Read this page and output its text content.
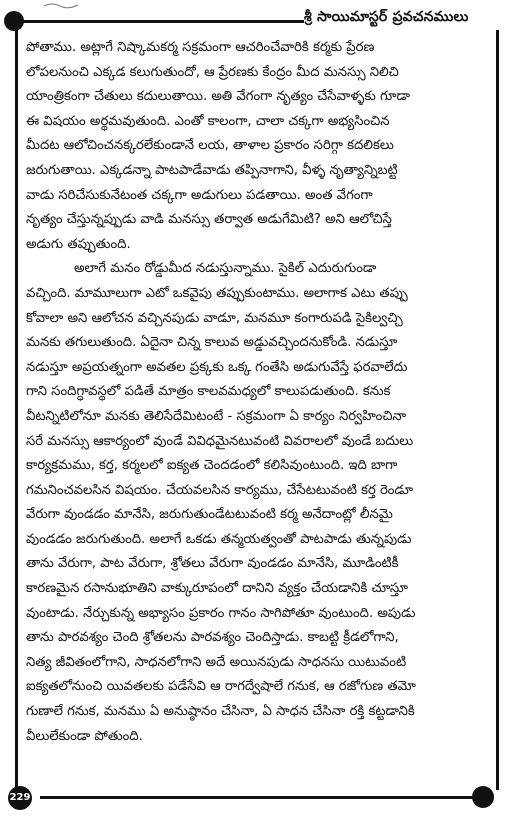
శ్రీ సాయిమాస్టర్ ప్రవచనములు
పోతాము. అట్లాగే నిష్కామకర్మ సక్రమంగా ఆచరించేవారికి కర్మకు ప్రేరణ
లోపలనుంచి ఎక్కడ కలుగుతుందో, ఆ ప్రేరణకు కేంద్రం మీద మనస్సు నిలిచి
యాంత్రికంగా చేతులు కదులుతాయి. అతి వేగంగా నృత్యం చేసేవాళ్ళకు గూడా
ఈ విషయం అర్థమవుతుంది. ఎంతో కాలంగా, చాలా చక్కగా అభ్యసించిన
మీదట ఆలోచించనక్కరలేకుండానే లయ, తాళాల ప్రకారం సరిగ్గా కదలికలు
జరుగుతాయి. ఎక్కడన్నా పాటపాడేవాడు తప్పినాగాని, వీళ్ళ నృత్యాన్నిబట్టి
వాడు సరిచేసుకునేటంత చక్కగా అడుగులు పడతాయి. అంత వేగంగా
నృత్యం చేస్తున్నప్పుడు వాడి మనస్సు తర్వాత అడుగేమిటి? అని ఆలోచిస్తే
అడుగు తప్పుతుంది.
అలాగే మనం రోడ్డుమీద నడుస్తున్నాము. సైకిల్ ఎదురుగుండా
వచ్చింది. మామూలుగా ఎటో ఒకవైపు తప్పుకుంటాము. అలాగాక ఎటు తప్పు
కోవాలా అని ఆలోచన వచ్చినపుడు వాడూ, మనమూ కంగారుపడి సైకిల్వచ్చి
మనకు తగులుతుంది. ఏదైనా చిన్న కాలువ అడ్డువచ్చిందనుకోండి. నడుస్తూ
నడుస్తూ అప్రయత్నంగా అవతల ప్రక్కకు ఒక్క గంతేసి అడుగువేస్తే ఫరవాలేదు
గాని సందిగ్ధావస్థలో పడితే మాత్రం కాలవమధ్యలో కాలుపడుతుంది. కనుక
వీటన్నిటిలోనూ మనకు తెలిసేదేమిటంటే - సక్రమంగా ఏ కార్యం నిర్వహించినా
సరే మనస్సు ఆకార్యంలో వుండే వివిధమైనటువంటి వివరాలలో వుండే బదులు
కార్యక్రమము, కర్త, కర్మలలో ఐక్యత చెందడంలో కలిసివుంటుంది. ఇది బాగా
గమనించవలసిన విషయం. చేయవలసిన కార్యము, చేసేటటువంటి కర్త రెండూ
వేరుగా వుండడం మానేసి, జరుగుతుండేటటువంటి కర్మ అనేదాంట్లో లీనమై
వుండడం జరుగుతుంది. అలాగే ఒకడు తన్మయత్వంతో పాటపాడు తున్నపుడు
తాను వేరుగా, పాట వేరుగా, శ్రోతలు వేరుగా వుండడం మానేసి, మూడింటికీ
కారణమైన రసానుభూతిని వాక్కురూపంలో దానిని వ్యక్తం చేయడానికి చూస్తూ
వుంటాడు. నేర్చుకున్న అభ్యాసం ప్రకారం గానం సాగిపోతూ వుంటుంది. అపుడు
తాను పారవశ్యం చెంది శ్రోతలను పారవశ్యం చెందిస్తాడు. కాబట్టి క్రీడలోగాని,
నిత్య జీవితంలోగాని, సాధనలోగాని అదే అయినపుడు సాధనసు యిటువంటి
ఐక్యతలోనుంచి యివతలకు పడేసేవి ఆ రాగద్వేషాలే గనుక, ఆ రజోగుణ తమో
గుణాలే గనుక, మనము ఏ అనుష్ఠానం చేసినా, ఏ సాధన చేసినా రక్తి కట్టడానికి
వీలులేకుండా పోతుంది.
229
